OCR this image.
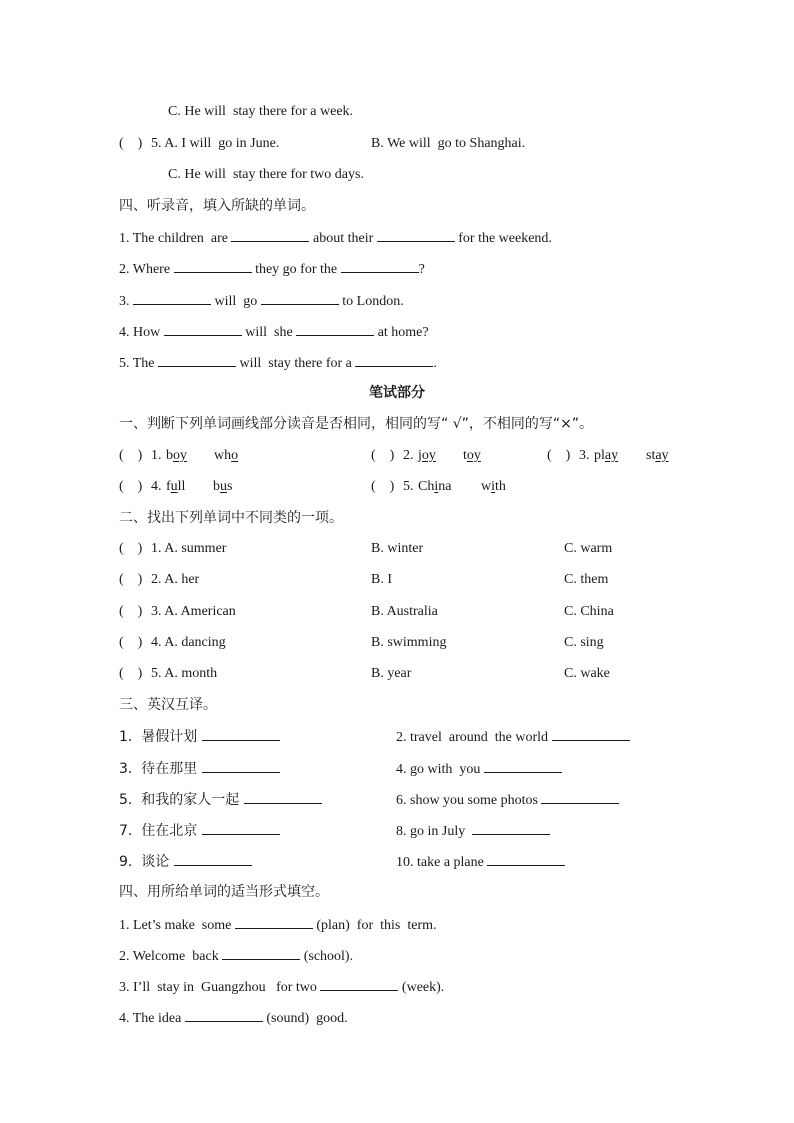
C. He will  stay there for a week.
(    ) 5. A. I will  go in June.	B. We will  go to Shanghai.
C. He will  stay there for two days.
四、听录音，填入所缺的单词。
1. The children  are	about their	for the weekend.
2. Where	they go for the	?
3.	will  go	to London.
4. How	will  she	at home?
5. The	will  stay there for a	.
笔试部分
一、判断下列单词画线部分读音是否相同，相同的写“ √”，不相同的写“×”。
(    ) 1. boy who	(    ) 2. joy toy	(    ) 3. play stay
(    ) 4. full bus	(    ) 5. China with
二、找出下列单词中不同类的一项。
(    ) 1. A. summer	B. winter	C. warm
(    ) 2. A. her	B. I	C. them
(    ) 3. A. American	B. Australia	C. China
(    ) 4. A. dancing	B. swimming	C. sing
(    ) 5. A. month	B. year	C. wake
三、英汉互译。
1.  暑假计划	2. travel  around  the world
3.  待在那里	4. go with  you
5.  和我的家人一起	6. show you some photos
7.  住在北京	8. go in July
9.  谈论	10. take a plane
四、用所给单词的适当形式填空。
1. Let’s make  some	(plan)  for  this  term.
2. Welcome  back	(school).
3. I’ll  stay in  Guangzhou   for two	(week).
4. The idea	(sound)  good.
